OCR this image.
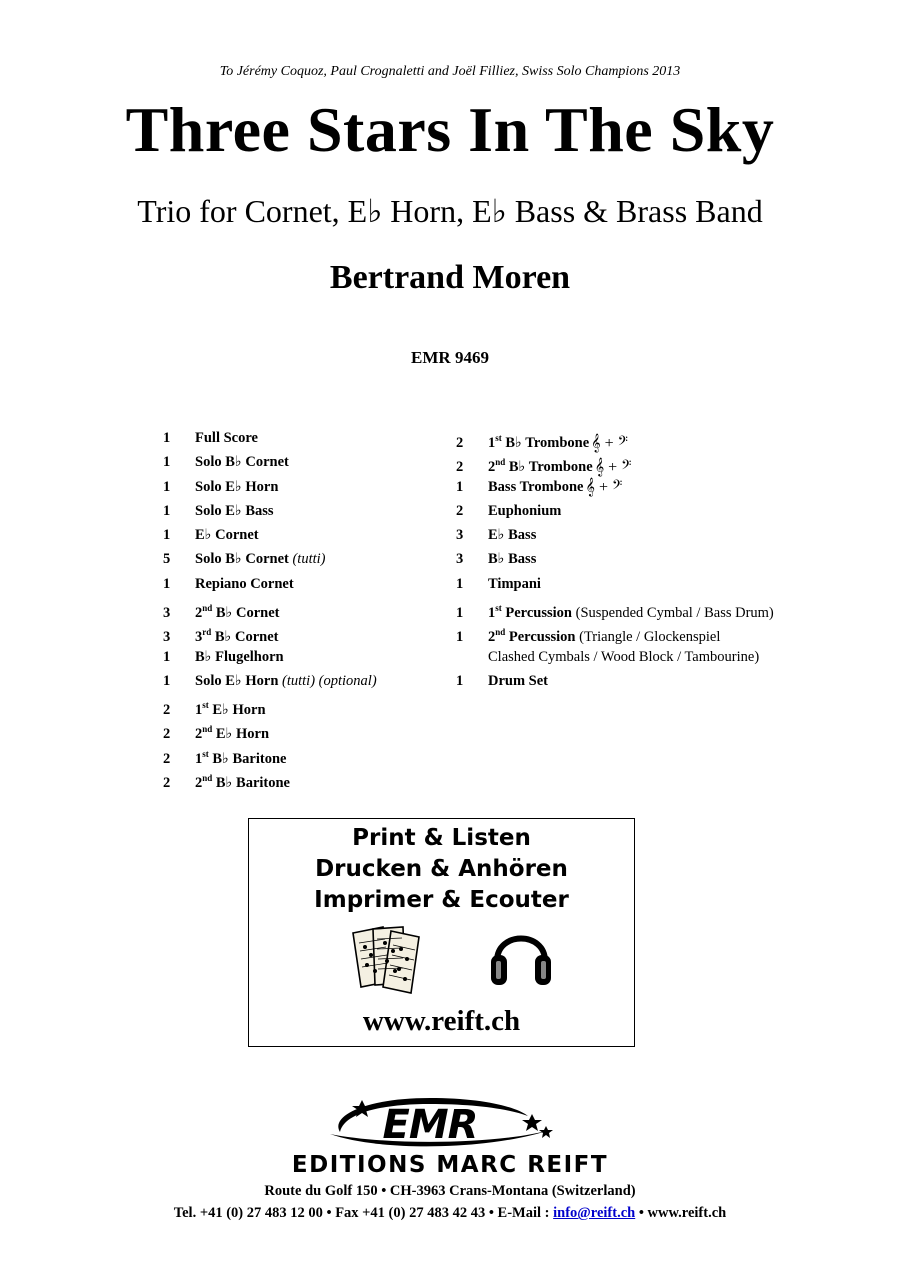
To Jérémy Coquoz, Paul Crognaletti and Joël Filliez, Swiss Solo Champions 2013
Three Stars In The Sky
Trio for Cornet, E♭ Horn, E♭ Bass & Brass Band
Bertrand Moren
EMR 9469
1 Full Score
1 Solo B♭ Cornet
1 Solo E♭ Horn
1 Solo E♭ Bass
1 E♭ Cornet
5 Solo B♭ Cornet (tutti)
1 Repiano Cornet
3 2nd B♭ Cornet
3 3rd B♭ Cornet
1 B♭ Flugelhorn
1 Solo E♭ Horn (tutti) (optional)
2 1st E♭ Horn
2 2nd E♭ Horn
2 1st B♭ Baritone
2 2nd B♭ Baritone
2 1st B♭ Trombone𝄞 + 𝄢
2 2nd B♭ Trombone𝄞 + 𝄢
1 Bass Trombone𝄞 + 𝄢
2 Euphonium
3 E♭ Bass
3 B♭ Bass
1 Timpani
1 1st Percussion (Suspended Cymbal / Bass Drum)
1 2nd Percussion (Triangle / Glockenspiel
Clashed Cymbals / Wood Block / Tambourine)
1 Drum Set
Print & Listen
Drucken & Anhören
Imprimer & Ecouter
www.reift.ch
EMR
EDITIONS MARC REIFT
Route du Golf 150 • CH-3963 Crans-Montana (Switzerland)
Tel. +41 (0) 27 483 12 00 • Fax +41 (0) 27 483 42 43 • E-Mail : info@reift.ch • www.reift.ch
